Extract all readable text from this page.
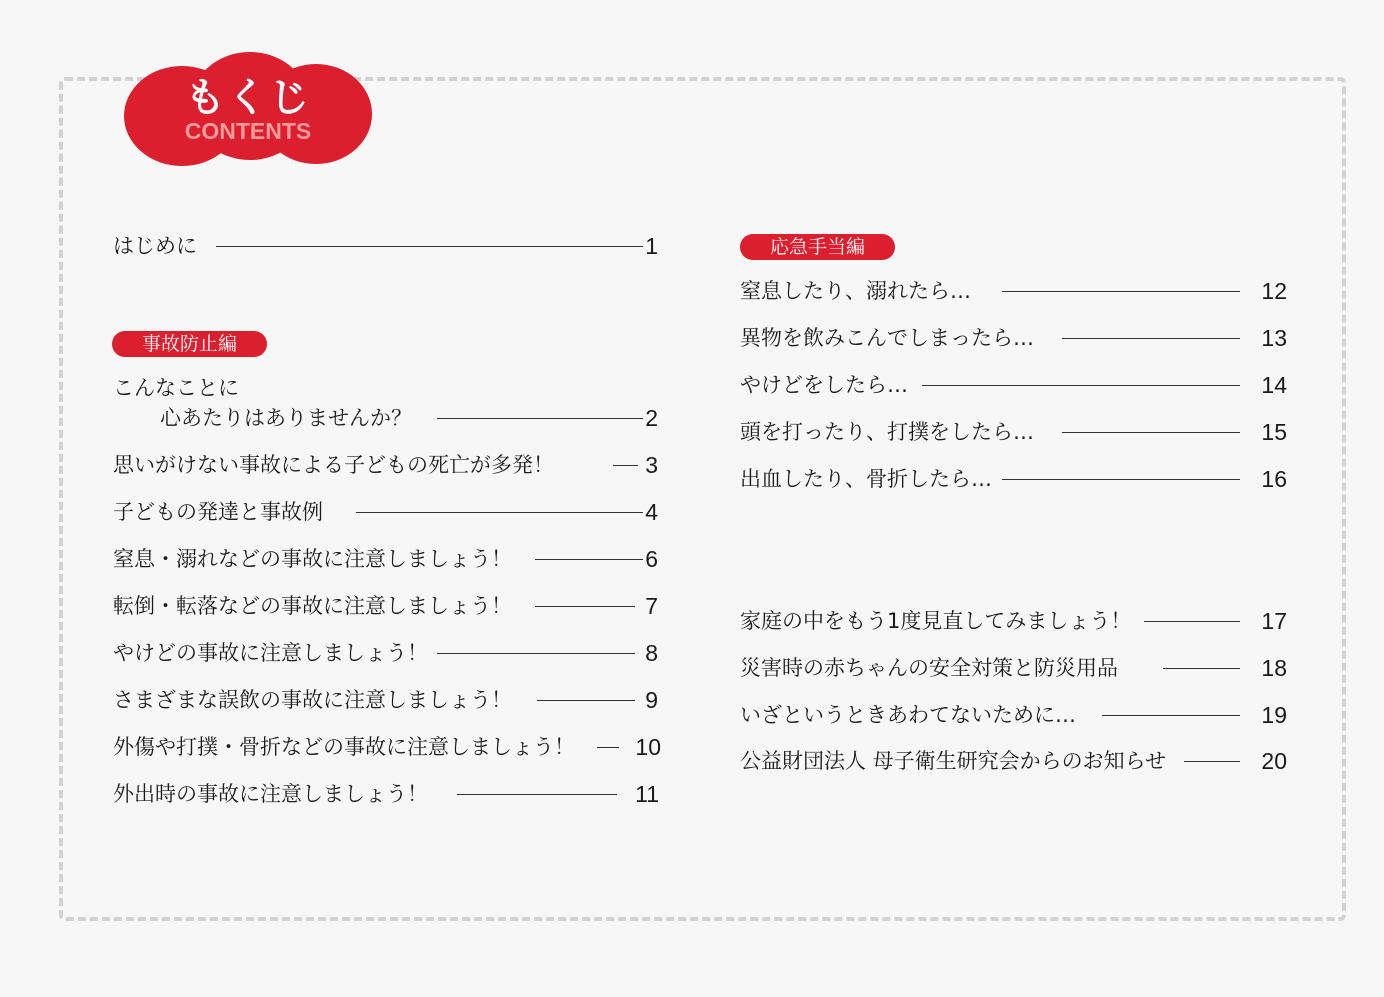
もくじ
CONTENTS
はじめに	1
事故防止編
こんなことに
心あたりはありませんか？	2
思いがけない事故による子どもの死亡が多発！	3
子どもの発達と事故例	4
窒息・溺れなどの事故に注意しましょう！	6
転倒・転落などの事故に注意しましょう！	7
やけどの事故に注意しましょう！	8
さまざまな誤飲の事故に注意しましょう！	9
外傷や打撲・骨折などの事故に注意しましょう！	10
外出時の事故に注意しましょう！	11
応急手当編
窒息したり、溺れたら…	12
異物を飲みこんでしまったら…	13
やけどをしたら…	14
頭を打ったり、打撲をしたら…	15
出血したり、骨折したら…	16
家庭の中をもう1度見直してみましょう！	17
災害時の赤ちゃんの安全対策と防災用品	18
いざというときあわてないために…	19
公益財団法人 母子衛生研究会からのお知らせ	20
